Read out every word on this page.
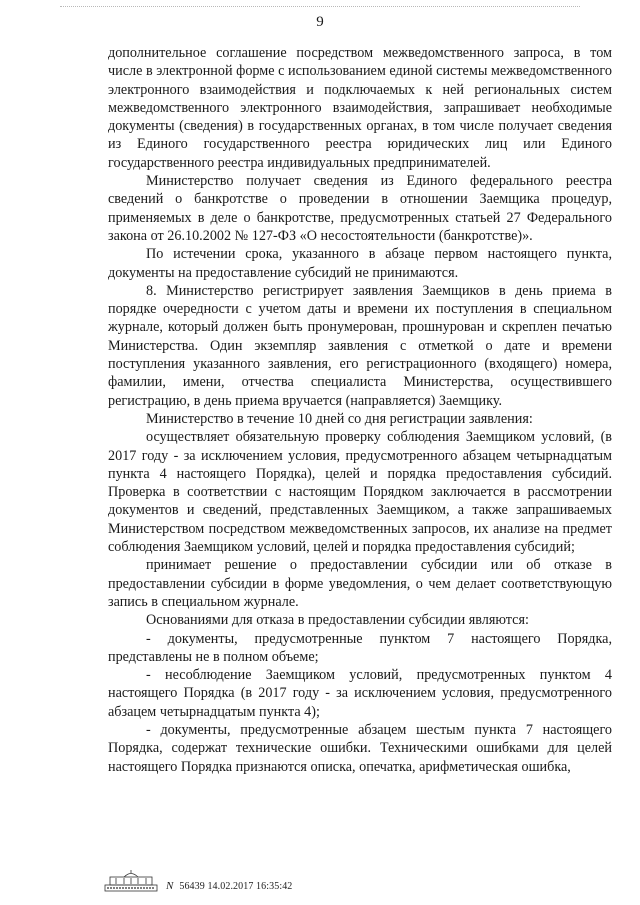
9

дополнительное соглашение посредством межведомственного запроса, в том числе в электронной форме с использованием единой системы межведомственного электронного взаимодействия и подключаемых к ней региональных систем межведомственного электронного взаимодействия, запрашивает необходимые документы (сведения) в государственных органах, в том числе получает сведения из Единого государственного реестра юридических лиц или Единого государственного реестра индивидуальных предпринимателей.

Министерство получает сведения из Единого федерального реестра сведений о банкротстве о проведении в отношении Заемщика процедур, применяемых в деле о банкротстве, предусмотренных статьей 27 Федерального закона от 26.10.2002 № 127-ФЗ «О несостоятельности (банкротстве)».

По истечении срока, указанного в абзаце первом настоящего пункта, документы на предоставление субсидий не принимаются.

8. Министерство регистрирует заявления Заемщиков в день приема в порядке очередности с учетом даты и времени их поступления в специальном журнале, который должен быть пронумерован, прошнурован и скреплен печатью Министерства. Один экземпляр заявления с отметкой о дате и времени поступления указанного заявления, его регистрационного (входящего) номера, фамилии, имени, отчества специалиста Министерства, осуществившего регистрацию, в день приема вручается (направляется) Заемщику.

Министерство в течение 10 дней со дня регистрации заявления:

осуществляет обязательную проверку соблюдения Заемщиком условий, (в 2017 году - за исключением условия, предусмотренного абзацем четырнадцатым пункта 4 настоящего Порядка), целей и порядка предоставления субсидий. Проверка в соответствии с настоящим Порядком заключается в рассмотрении документов и сведений, представленных Заемщиком, а также запрашиваемых Министерством посредством межведомственных запросов, их анализе на предмет соблюдения Заемщиком условий, целей и порядка предоставления субсидий;

принимает решение о предоставлении субсидии или об отказе в предоставлении субсидии в форме уведомления, о чем делает соответствующую запись в специальном журнале.

Основаниями для отказа в предоставлении субсидии являются:

- документы, предусмотренные пунктом 7 настоящего Порядка, представлены не в полном объеме;

- несоблюдение Заемщиком условий, предусмотренных пунктом 4 настоящего Порядка (в 2017 году - за исключением условия, предусмотренного абзацем четырнадцатым пункта 4);

- документы, предусмотренные абзацем шестым пункта 7 настоящего Порядка, содержат технические ошибки. Техническими ошибками для целей настоящего Порядка признаются описка, опечатка, арифметическая ошибка,

N 56439 14.02.2017 16:35:42
